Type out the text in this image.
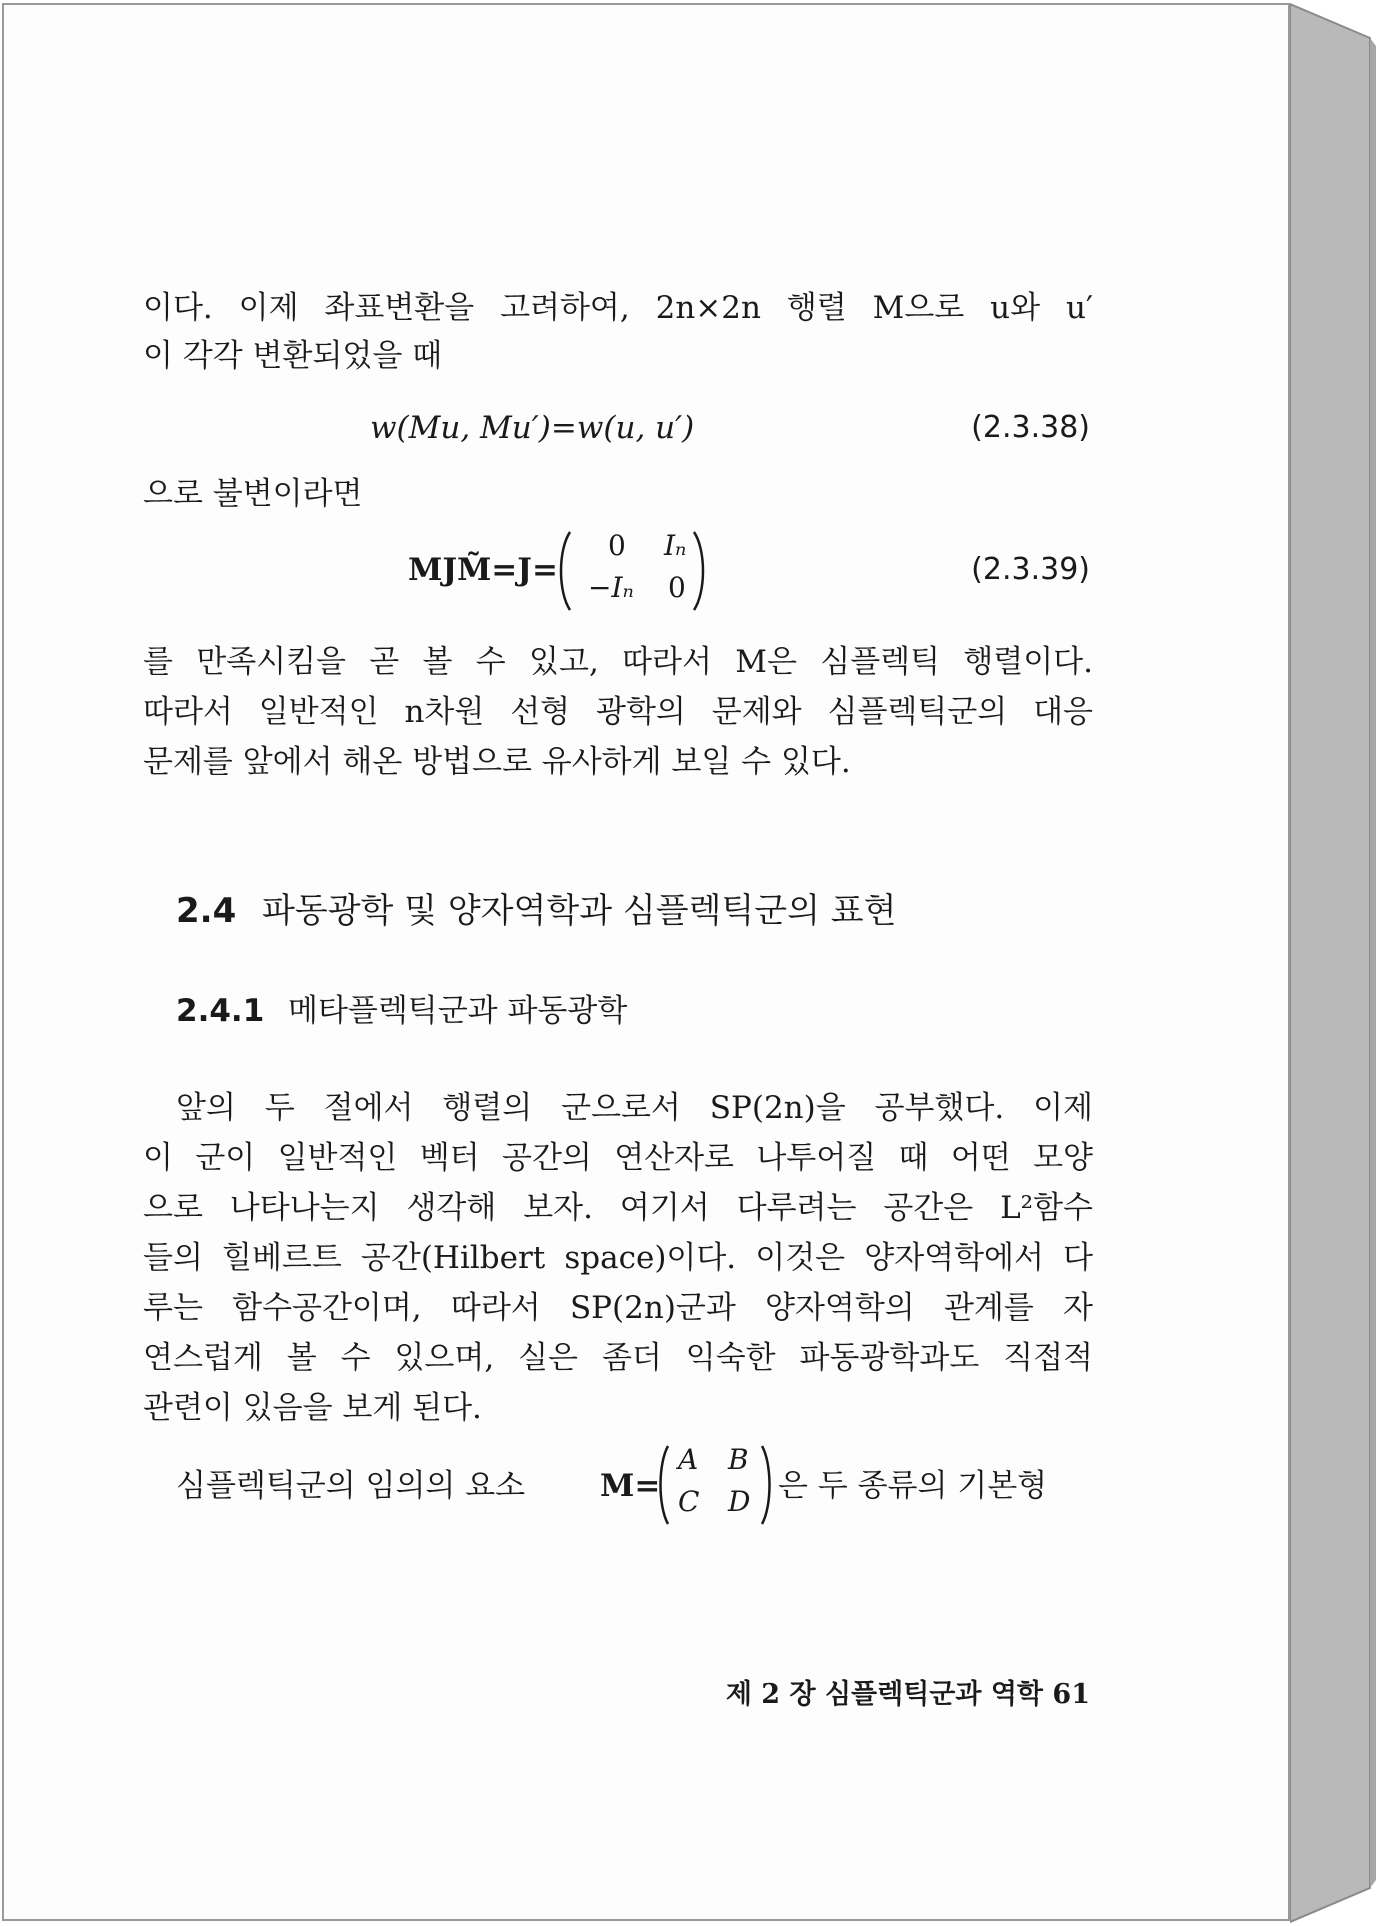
이다. 이제 좌표변환을 고려하여, 2n×2n 행렬 M으로 u와 u′
이 각각 변환되었을 때
w(Mu, Mu′)=w(u, u′)	(2.3.38)
으로 불변이라면
MJM̃=J=
0 Iₙ
−Iₙ 0
(2.3.39)
를 만족시킴을 곧 볼 수 있고, 따라서 M은 심플렉틱 행렬이다.
따라서 일반적인 n차원 선형 광학의 문제와 심플렉틱군의 대응
문제를 앞에서 해온 방법으로 유사하게 보일 수 있다.
2.4 파동광학 및 양자역학과 심플렉틱군의 표현
2.4.1 메타플렉틱군과 파동광학
앞의 두 절에서 행렬의 군으로서 SP(2n)을 공부했다. 이제
이 군이 일반적인 벡터 공간의 연산자로 나투어질 때 어떤 모양
으로 나타나는지 생각해 보자. 여기서 다루려는 공간은 L²함수
들의 힐베르트 공간(Hilbert space)이다. 이것은 양자역학에서 다
루는 함수공간이며, 따라서 SP(2n)군과 양자역학의 관계를 자
연스럽게 볼 수 있으며, 실은 좀더 익숙한 파동광학과도 직접적
관련이 있음을 보게 된다.
심플렉틱군의 임의의 요소 M=
A B
C D 은 두 종류의 기본형
제 2 장 심플렉틱군과 역학 61
